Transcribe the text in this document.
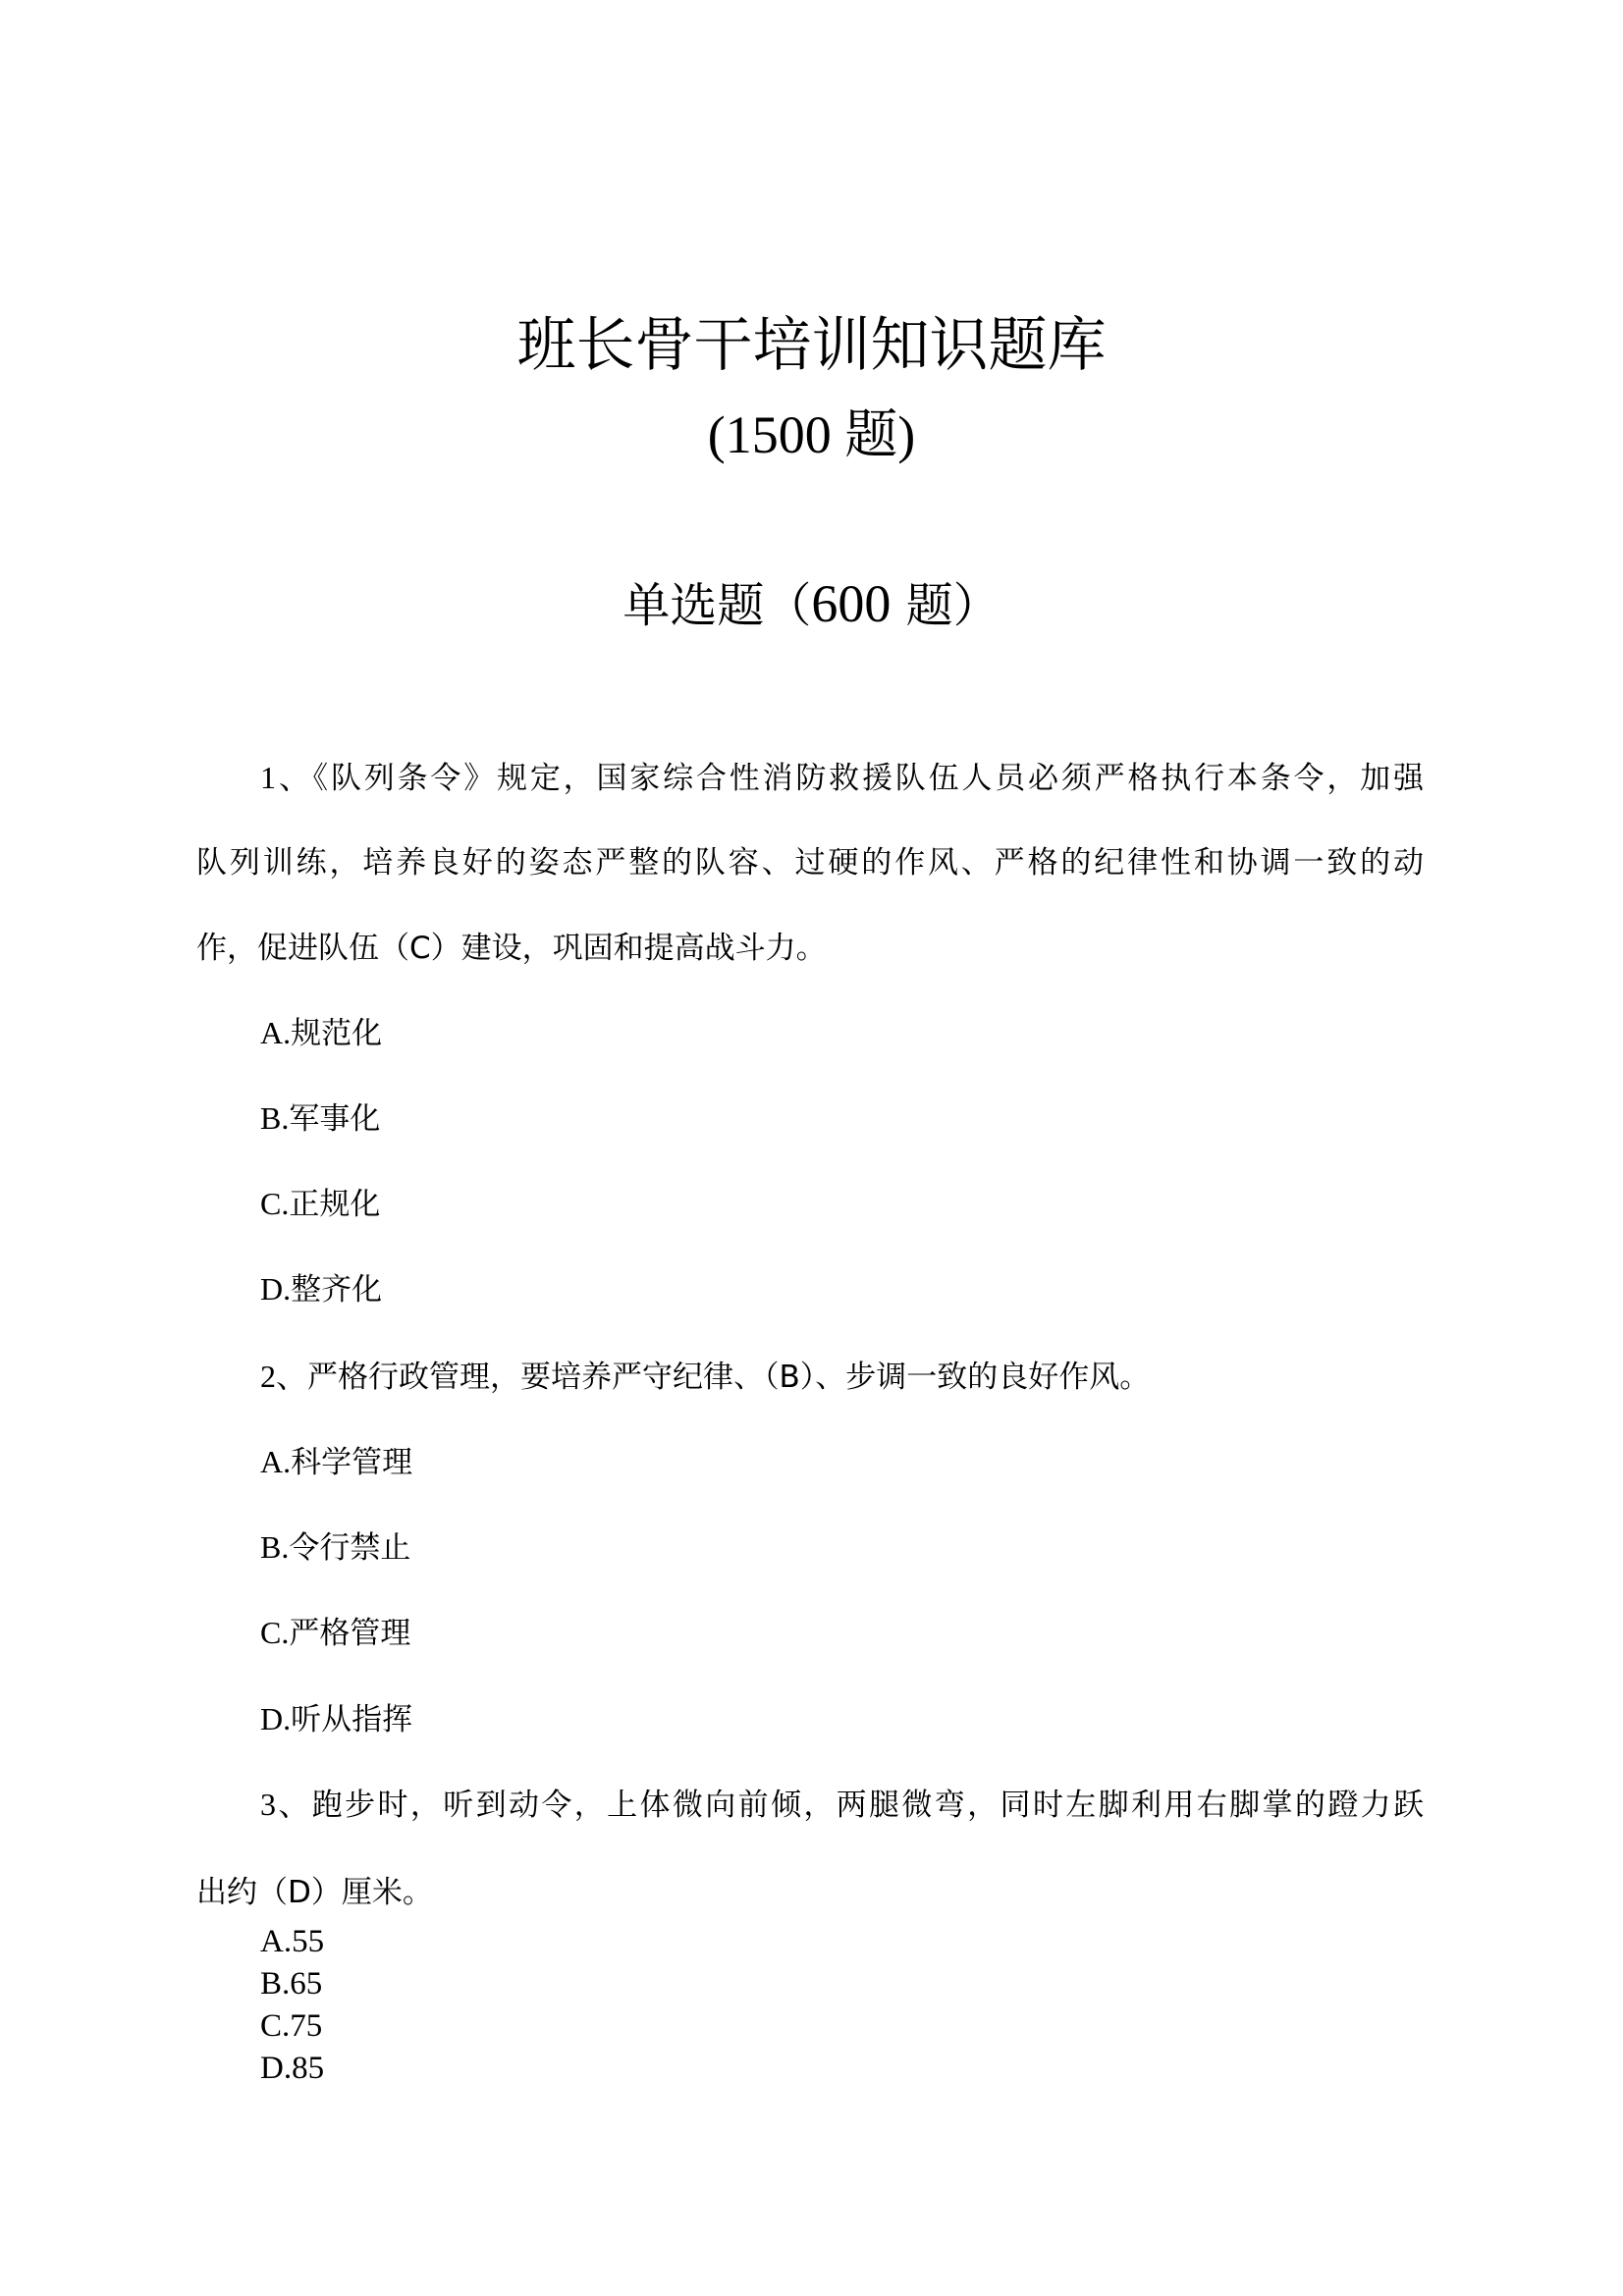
班长骨干培训知识题库
(1500 题)
单选题（600 题）
1、《队列条令》规定，国家综合性消防救援队伍人员必须严格执行本条令，加强
队列训练，培养良好的姿态严整的队容、过硬的作风、严格的纪律性和协调一致的动
作，促进队伍（C）建设，巩固和提高战斗力。
A.规范化
B.军事化
C.正规化
D.整齐化
2、严格行政管理，要培养严守纪律、（B）、步调一致的良好作风。
A.科学管理
B.令行禁止
C.严格管理
D.听从指挥
3、跑步时，听到动令，上体微向前倾，两腿微弯，同时左脚利用右脚掌的蹬力跃
出约（D）厘米。
A.55
B.65
C.75
D.85
